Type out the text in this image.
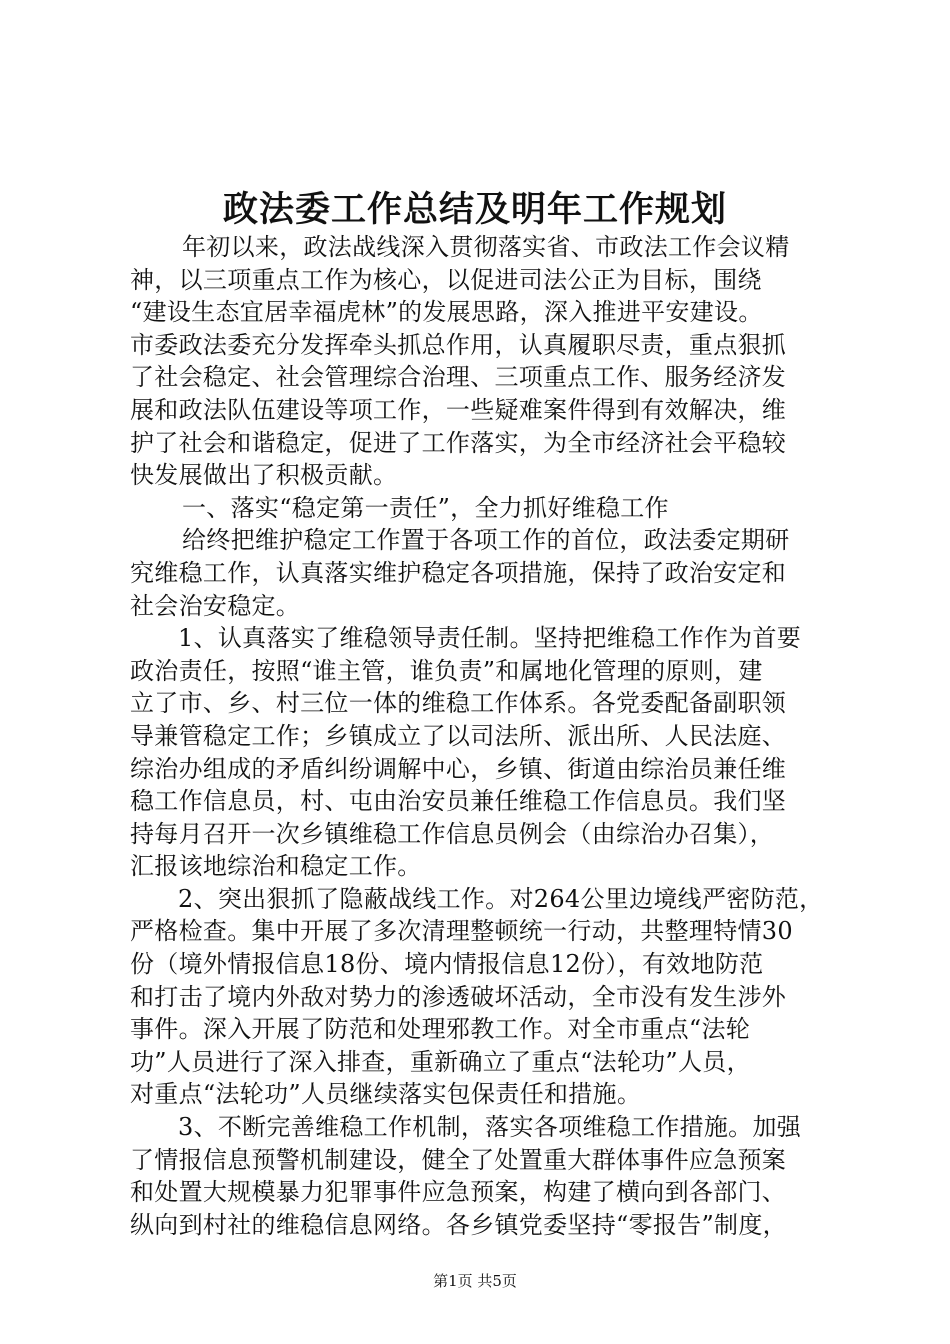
政法委工作总结及明年工作规划

年初以来，政法战线深入贯彻落实省、市政法工作会议精

神，以三项重点工作为核心，以促进司法公正为目标，围绕

“建设生态宜居幸福虎林”的发展思路，深入推进平安建设。

市委政法委充分发挥牵头抓总作用，认真履职尽责，重点狠抓

了社会稳定、社会管理综合治理、三项重点工作、服务经济发

展和政法队伍建设等项工作，一些疑难案件得到有效解决，维

护了社会和谐稳定，促进了工作落实，为全市经济社会平稳较

快发展做出了积极贡献。

一、落实“稳定第一责任”，全力抓好维稳工作

给终把维护稳定工作置于各项工作的首位，政法委定期研

究维稳工作，认真落实维护稳定各项措施，保持了政治安定和

社会治安稳定。

1、认真落实了维稳领导责任制。坚持把维稳工作作为首要

政治责任，按照“谁主管，谁负责”和属地化管理的原则，建

立了市、乡、村三位一体的维稳工作体系。各党委配备副职领

导兼管稳定工作；乡镇成立了以司法所、派出所、人民法庭、

综治办组成的矛盾纠纷调解中心，乡镇、街道由综治员兼任维

稳工作信息员，村、屯由治安员兼任维稳工作信息员。我们坚

持每月召开一次乡镇维稳工作信息员例会（由综治办召集），

汇报该地综治和稳定工作。

2、突出狠抓了隐蔽战线工作。对264公里边境线严密防范，

严格检查。集中开展了多次清理整顿统一行动，共整理特情30

份（境外情报信息18份、境内情报信息12份），有效地防范

和打击了境内外敌对势力的渗透破坏活动，全市没有发生涉外

事件。深入开展了防范和处理邪教工作。对全市重点“法轮

功”人员进行了深入排查，重新确立了重点“法轮功”人员，

对重点“法轮功”人员继续落实包保责任和措施。

3、不断完善维稳工作机制，落实各项维稳工作措施。加强

了情报信息预警机制建设，健全了处置重大群体事件应急预案

和处置大规模暴力犯罪事件应急预案，构建了横向到各部门、

纵向到村社的维稳信息网络。各乡镇党委坚持“零报告”制度，

第1页 共5页
